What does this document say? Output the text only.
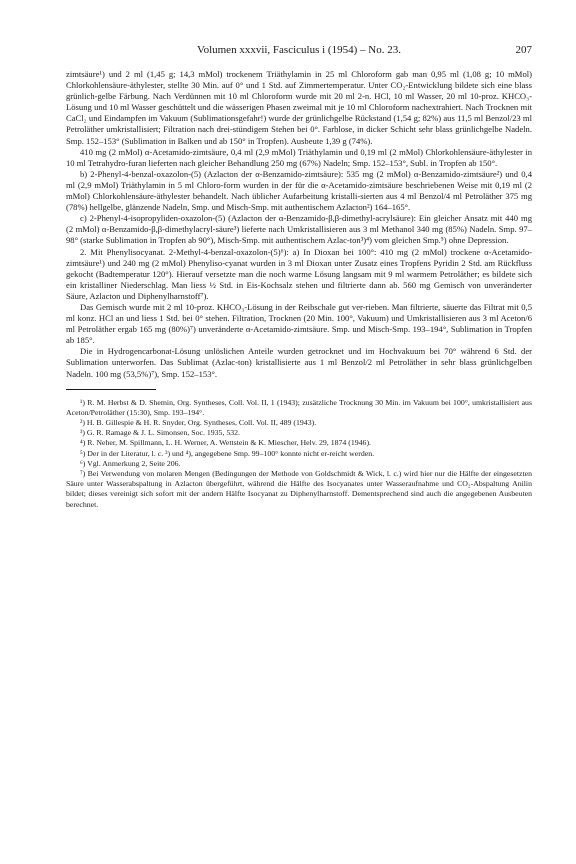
Volumen xxxvii, Fasciculus i (1954) – No. 23.	207

zimtsäure¹) und 2 ml (1,45 g; 14,3 mMol) trockenem Triäthylamin in 25 ml Chloroform gab man 0,95 ml (1,08 g; 10 mMol) Chlorkohlensäure-äthylester, stellte 30 Min. auf 0° und 1 Std. auf Zimmertemperatur. Unter CO₂-Entwicklung bildete sich eine blass grünlich-gelbe Färbung. Nach Verdünnen mit 10 ml Chloroform wurde mit 20 ml 2-n. HCl, 10 ml Wasser, 20 ml 10-proz. KHCO₃-Lösung und 10 ml Wasser geschüttelt und die wässerigen Phasen zweimal mit je 10 ml Chloroform nachextrahiert. Nach Trocknen mit CaCl₂ und Eindampfen im Vakuum (Sublimationsgefahr!) wurde der grünlichgelbe Rückstand (1,54 g; 82%) aus 11,5 ml Benzol/23 ml Petroläther umkristallisiert; Filtration nach drei-stündigem Stehen bei 0°. Farblose, in dicker Schicht sehr blass grünlichgelbe Nadeln. Smp. 152–153° (Sublimation in Balken und ab 150° in Tropfen). Ausbeute 1,39 g (74%).

410 mg (2 mMol) α-Acetamido-zimtsäure, 0,4 ml (2,9 mMol) Triäthylamin und 0,19 ml (2 mMol) Chlorkohlensäure-äthylester in 10 ml Tetrahydro-furan lieferten nach gleicher Behandlung 250 mg (67%) Nadeln; Smp. 152–153°, Subl. in Tropfen ab 150°.

b) 2-Phenyl-4-benzal-oxazolon-(5) (Azlacton der α-Benzamido-zimtsäure): 535 mg (2 mMol) α-Benzamido-zimtsäure²) und 0,4 ml (2,9 mMol) Triäthylamin in 5 ml Chloro-form wurden in der für die α-Acetamido-zimtsäure beschriebenen Weise mit 0,19 ml (2 mMol) Chlorkohlensäure-äthylester behandelt. Nach üblicher Aufarbeitung kristalli-sierten aus 4 ml Benzol/4 ml Petroläther 375 mg (78%) hellgelbe, glänzende Nadeln, Smp. und Misch-Smp. mit authentischem Azlacton²) 164–165°.

c) 2-Phenyl-4-isopropyliden-oxazolon-(5) (Azlacton der α-Benzamido-β,β-dimethyl-acrylsäure): Ein gleicher Ansatz mit 440 mg (2 mMol) α-Benzamido-β,β-dimethylacryl-säure³) lieferte nach Umkristallisieren aus 3 ml Methanol 340 mg (85%) Nadeln. Smp. 97–98° (starke Sublimation in Tropfen ab 90°), Misch-Smp. mit authentischem Azlac-ton³)⁴) vom gleichen Smp.⁵) ohne Depression.

2. Mit Phenylisocyanat. 2-Methyl-4-benzal-oxazolon-(5)⁶): a) In Dioxan bei 100°: 410 mg (2 mMol) trockene α-Acetamido-zimtsäure¹) und 240 mg (2 mMol) Phenyliso-cyanat wurden in 3 ml Dioxan unter Zusatz eines Tropfens Pyridin 2 Std. am Rückfluss gekocht (Badtemperatur 120°). Hierauf versetzte man die noch warme Lösung langsam mit 9 ml warmem Petroläther; es bildete sich ein kristalliner Niederschlag. Man liess ½ Std. in Eis-Kochsalz stehen und filtrierte dann ab. 560 mg Gemisch von unveränderter Säure, Azlacton und Diphenylharnstoff⁷).

Das Gemisch wurde mit 2 ml 10-proz. KHCO₃-Lösung in der Reibschale gut ver-rieben. Man filtrierte, säuerte das Filtrat mit 0,5 ml konz. HCl an und liess 1 Std. bei 0° stehen. Filtration, Trocknen (20 Min. 100°, Vakuum) und Umkristallisieren aus 3 ml Aceton/6 ml Petroläther ergab 165 mg (80%)⁷) unveränderte α-Acetamido-zimtsäure. Smp. und Misch-Smp. 193–194°, Sublimation in Tropfen ab 185°.

Die in Hydrogencarbonat-Lösung unlöslichen Anteile wurden getrocknet und im Hochvakuum bei 70° während 6 Std. der Sublimation unterworfen. Das Sublimat (Azlac-ton) kristallisierte aus 1 ml Benzol/2 ml Petroläther in sehr blass grünlichgelben Nadeln. 100 mg (53,5%)⁷), Smp. 152–153°.

¹) R. M. Herbst & D. Shemin, Org. Syntheses, Coll. Vol. II, 1 (1943); zusätzliche Trocknung 30 Min. im Vakuum bei 100°, umkristallisiert aus Aceton/Petroläther (15:30), Smp. 193–194°.

²) H. B. Gillespie & H. R. Snyder, Org. Syntheses, Coll. Vol. II, 489 (1943).

³) G. R. Ramage & J. L. Simonsen, Soc. 1935, 532.

⁴) R. Neher, M. Spillmann, L. H. Werner, A. Wettstein & K. Miescher, Helv. 29, 1874 (1946).

⁵) Der in der Literatur, l. c. ³) und ⁴), angegebene Smp. 99–100° konnte nicht er-reicht werden.

⁶) Vgl. Anmerkung 2, Seite 206.

⁷) Bei Verwendung von molaren Mengen (Bedingungen der Methode von Goldschmidt & Wick, l. c.) wird hier nur die Hälfte der eingesetzten Säure unter Wasserabspaltung in Azlacton übergeführt, während die Hälfte des Isocyanates unter Wasseraufnahme und CO₂-Abspaltung Anilin bildet; dieses vereinigt sich sofort mit der andern Hälfte Isocyanat zu Diphenylharnstoff. Dementsprechend sind auch die angegebenen Ausbeuten berechnet.
